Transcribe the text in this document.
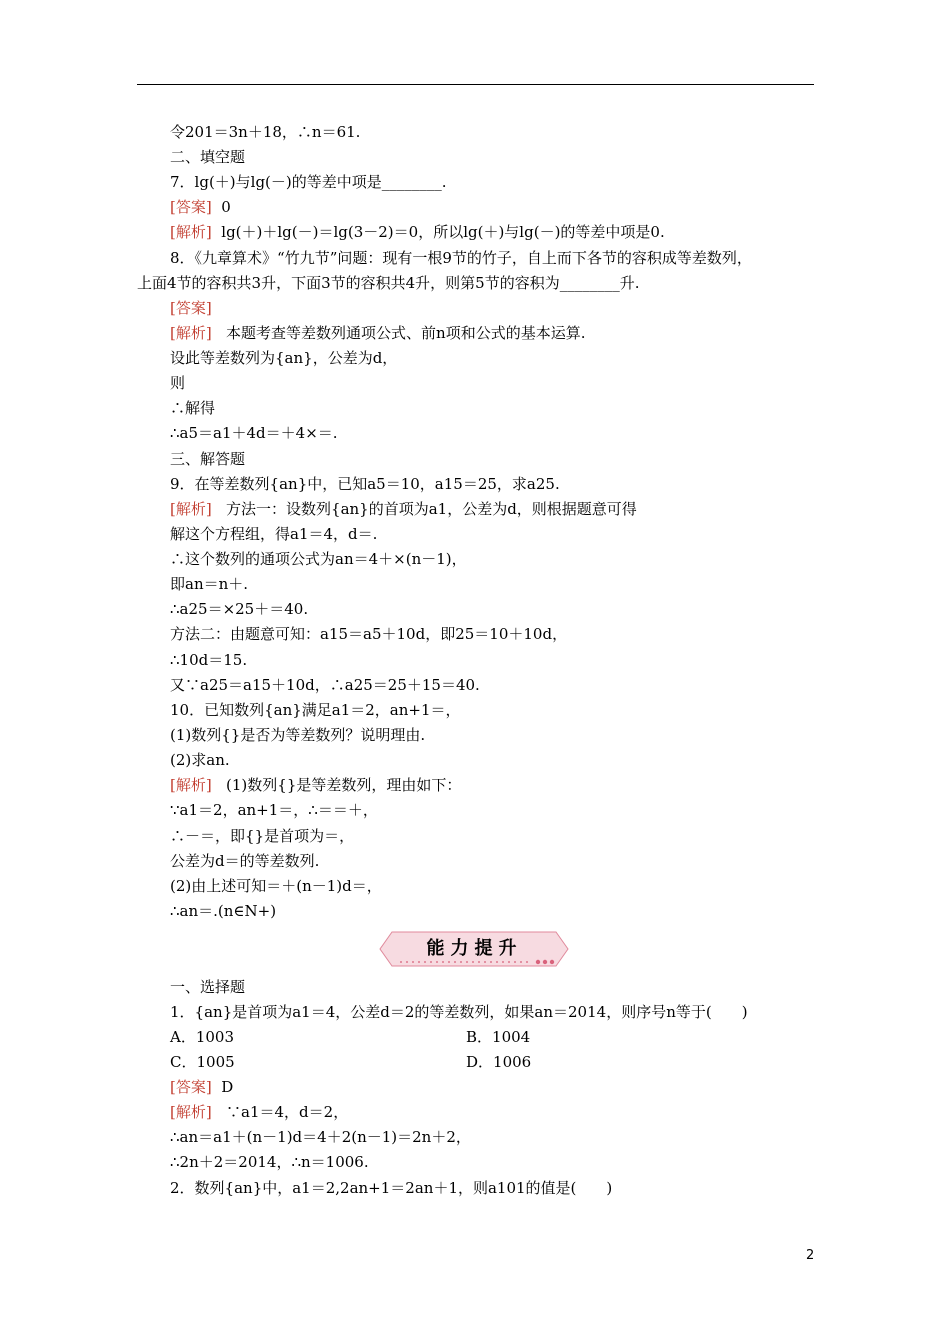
令201＝3n＋18，∴n＝61.
二、填空题
7．lg(＋)与lg(－)的等差中项是________.
[答案] 0
[解析] lg(＋)＋lg(－)＝lg(3－2)＝0，所以lg(＋)与lg(－)的等差中项是0.
8．《九章算术》“竹九节”问题：现有一根9节的竹子，自上而下各节的容积成等差数列，
上面4节的容积共3升，下面3节的容积共4升，则第5节的容积为________升.
[答案]
[解析] 本题考查等差数列通项公式、前n项和公式的基本运算.
设此等差数列为{an}，公差为d，
则
∴解得
∴a5＝a1＋4d＝＋4×＝.
三、解答题
9．在等差数列{an}中，已知a5＝10，a15＝25，求a25.
[解析] 方法一：设数列{an}的首项为a1，公差为d，则根据题意可得
解这个方程组，得a1＝4，d＝.
∴这个数列的通项公式为an＝4＋×(n－1)，
即an＝n＋.
∴a25＝×25＋＝40.
方法二：由题意可知：a15＝a5＋10d，即25＝10＋10d，
∴10d＝15.
又∵a25＝a15＋10d，∴a25＝25＋15＝40.
10．已知数列{an}满足a1＝2，an+1＝，
(1)数列{}是否为等差数列？说明理由.
(2)求an.
[解析] (1)数列{}是等差数列，理由如下：
∵a1＝2，an+1＝，∴＝＝＋，
∴－＝，即{}是首项为＝，
公差为d＝的等差数列.
(2)由上述可知＝＋(n－1)d＝，
∴an＝.(n∈N+)
能力提升
一、选择题
1．{an}是首项为a1＝4，公差d＝2的等差数列，如果an＝2014，则序号n等于(　　)
A．1003	B．1004
C．1005	D．1006
[答案] D
[解析] ∵a1＝4，d＝2，
∴an＝a1＋(n－1)d＝4＋2(n－1)＝2n＋2，
∴2n＋2＝2014，∴n＝1006.
2．数列{an}中，a1＝2,2an+1＝2an＋1，则a101的值是(　　)
2
